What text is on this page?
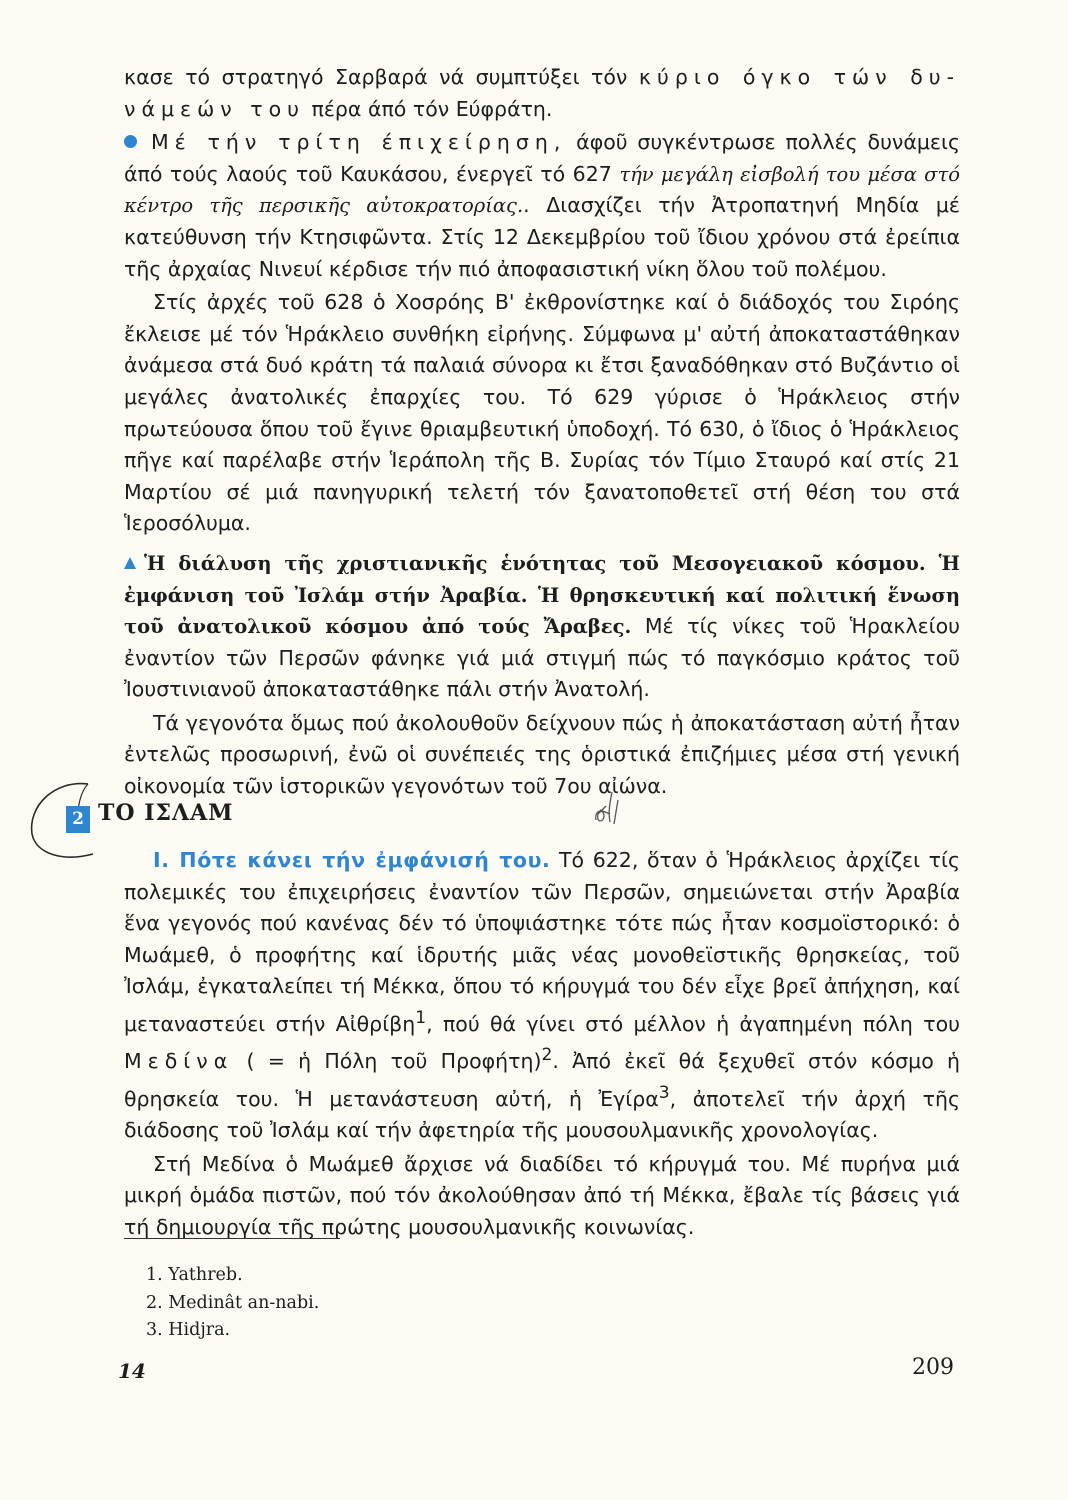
κασε τό στρατηγό Σαρβαρά νά συμπτύξει τόν κύριο όγκο τών δυ- νάμεών του πέρα άπό τόν Εύφράτη.

Μέ τήν τρίτη έπιχείρηση, άφοῦ συγκέντρωσε πολλές δυνάμεις άπό τούς λαούς τοῦ Καυκάσου, ένεργεῖ τό 627 τήν μεγάλη εἰσβολή του μέσα στό κέντρο τῆς περσικῆς αὐτοκρατορίας.. Διασχίζει τήν Ἀτροπατηνή Μηδία μέ κατεύθυνση τήν Κτησιφῶντα. Στίς 12 Δεκεμβρίου τοῦ ἴδιου χρόνου στά ἐρείπια τῆς ἀρχαίας Νινευί κέρδισε τήν πιό ἀποφασιστική νίκη ὅλου τοῦ πολέμου.

Στίς ἀρχές τοῦ 628 ὁ Χοσρόης Β' ἐκθρονίστηκε καί ὁ διάδοχός του Σιρόης ἔκλεισε μέ τόν Ἡράκλειο συνθήκη εἰρήνης. Σύμφωνα μ' αὐτή ἀποκαταστάθηκαν ἀνάμεσα στά δυό κράτη τά παλαιά σύνορα κι ἔτσι ξαναδόθηκαν στό Βυζάντιο οἱ μεγάλες ἀνατολικές ἐπαρχίες του. Τό 629 γύρισε ὁ Ἡράκλειος στήν πρωτεύουσα ὅπου τοῦ ἔγινε θριαμβευτική ὑποδοχή. Τό 630, ὁ ἴδιος ὁ Ἡράκλειος πῆγε καί παρέλαβε στήν Ἱεράπολη τῆς Β. Συρίας τόν Τίμιο Σταυρό καί στίς 21 Μαρτίου σέ μιά πανηγυρική τελετή τόν ξανατοποθετεῖ στή θέση του στά Ἱεροσόλυμα.

Ἡ διάλυση τῆς χριστιανικῆς ἑνότητας τοῦ Μεσογειακοῦ κόσμου. Ἡ ἐμφάνιση τοῦ Ἰσλάμ στήν Ἀραβία. Ἡ θρησκευτική καί πολιτική ἕνωση τοῦ ἀνατολικοῦ κόσμου ἀπό τούς Ἄραβες. Μέ τίς νίκες τοῦ Ἡρακλείου ἐναντίον τῶν Περσῶν φάνηκε γιά μιά στιγμή πώς τό παγκόσμιο κράτος τοῦ Ἰουστινιανοῦ ἀποκαταστάθηκε πάλι στήν Ἀνατολή.

Τά γεγονότα ὅμως πού ἀκολουθοῦν δείχνουν πώς ἡ ἀποκατάσταση αὐτή ἦταν ἐντελῶς προσωρινή, ἐνῶ οἱ συνέπειές της ὁριστικά ἐπιζήμιες μέσα στή γενική οἰκονομία τῶν ἱστορικῶν γεγονότων τοῦ 7ου αἰώνα.

2 ΤΟ ΙΣΛΑΜ

Ι. Πότε κάνει τήν ἐμφάνισή του. Τό 622, ὅταν ὁ Ἡράκλειος ἀρχίζει τίς πολεμικές του ἐπιχειρήσεις ἐναντίον τῶν Περσῶν, σημειώνεται στήν Ἀραβία ἕνα γεγονός πού κανένας δέν τό ὑποψιάστηκε τότε πώς ἦταν κοσμοϊστορικό: ὁ Μωάμεθ, ὁ προφήτης καί ἱδρυτής μιᾶς νέας μονοθεϊστικῆς θρησκείας, τοῦ Ἰσλάμ, ἐγκαταλείπει τή Μέκκα, ὅπου τό κήρυγμά του δέν εἶχε βρεῖ ἀπήχηση, καί μεταναστεύει στήν Αἰθρίβη$^1$, πού θά γίνει στό μέλλον ἡ ἀγαπημένη πόλη του Μεδίνα ( = ἡ Πόλη τοῦ Προφήτη)$^2$. Ἀπό ἐκεῖ θά ξεχυθεῖ στόν κόσμο ἡ θρησκεία του. Ἡ μετανάστευση αὐτή, ἡ Ἐγίρα$^3$, ἀποτελεῖ τήν ἀρχή τῆς διάδοσης τοῦ Ἰσλάμ καί τήν ἀφετηρία τῆς μουσουλμανικῆς χρονολογίας.

Στή Μεδίνα ὁ Μωάμεθ ἄρχισε νά διαδίδει τό κήρυγμά του. Μέ πυρήνα μιά μικρή ὁμάδα πιστῶν, πού τόν ἀκολούθησαν ἀπό τή Μέκκα, ἔβαλε τίς βάσεις γιά τή δημιουργία τῆς πρώτης μουσουλμανικῆς κοινωνίας.

1. Yathreb.
2. Medinât an-nabi.
3. Hidjra.
14	209
